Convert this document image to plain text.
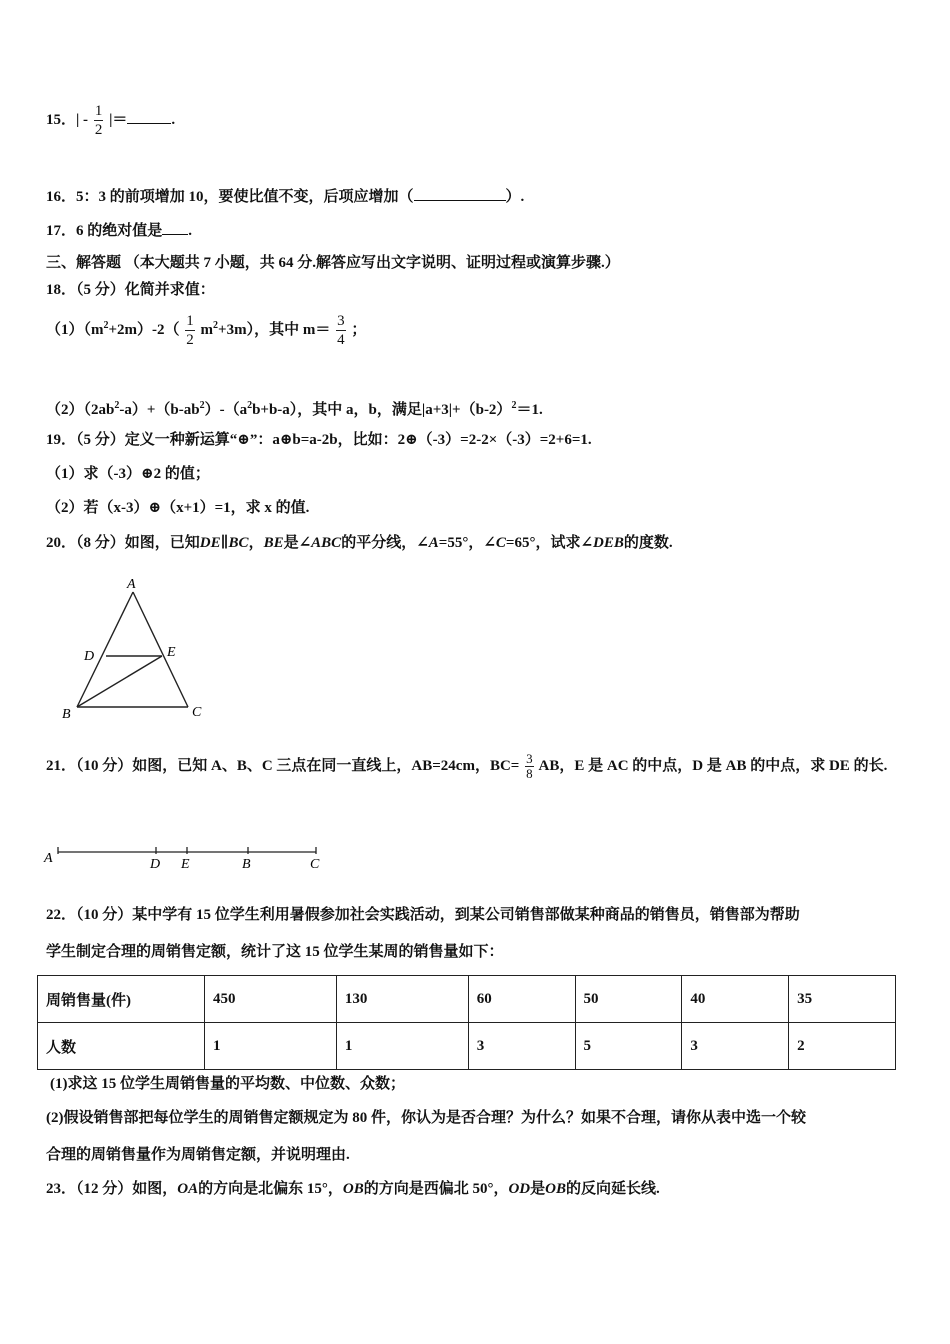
15．| - $\frac{1}{2}$ |＝	.
16．5：3 的前项增加 10，要使比值不变，后项应增加（	）.
17．6 的绝对值是 .
三、解答题 （本大题共 7 小题，共 64 分.解答应写出文字说明、证明过程或演算步骤.）
18．（5 分）化简并求值：
$(1)(m^2+2m)-2( \frac{1}{2} m^2+3m)$，其中 $m= \frac{3}{4}$ ；
$(2)(2ab^2-a)+(b-ab^2)-(a^2b+b-a)$，其中 a，b，满足$|a+3|+(b-2)^2=1$.
19．（5 分）定义一种新运算“⊕”：a⊕b=a-2b，比如：2⊕（-3）=2-2×（-3）=2+6=1.
（1）求（-3）⊕2 的值；
（2）若（x-3）⊕（x+1）=1，求 x 的值.
20．（8 分）如图，已知DE∥BC，BE是∠ABC的平分线，∠A=55°，∠C=65°，试求∠DEB的度数.
A
D	E
B	C
21．（10 分）如图，已知 A、B、C 三点在同一直线上，AB=24cm，$BC= \frac{3}{8}$ AB，E 是 AC 的中点，D 是 AB 的中点，求 DE 的长.
A	D E	B	C
22．（10 分）某中学有 15 位学生利用暑假参加社会实践活动，到某公司销售部做某种商品的销售员，销售部为帮助
学生制定合理的周销售定额，统计了这 15 位学生某周的销售量如下：
周销售量(件)	450	130	60	50	40	35
人数	1	1	3	5	3	2
(1)求这 15 位学生周销售量的平均数、中位数、众数；
(2)假设销售部把每位学生的周销售定额规定为 80 件，你认为是否合理？为什么？如果不合理，请你从表中选一个较
合理的周销售量作为周销售定额，并说明理由.
23．（12 分）如图，OA的方向是北偏东 15°，OB的方向是西偏北 50°，OD是OB的反向延长线.
